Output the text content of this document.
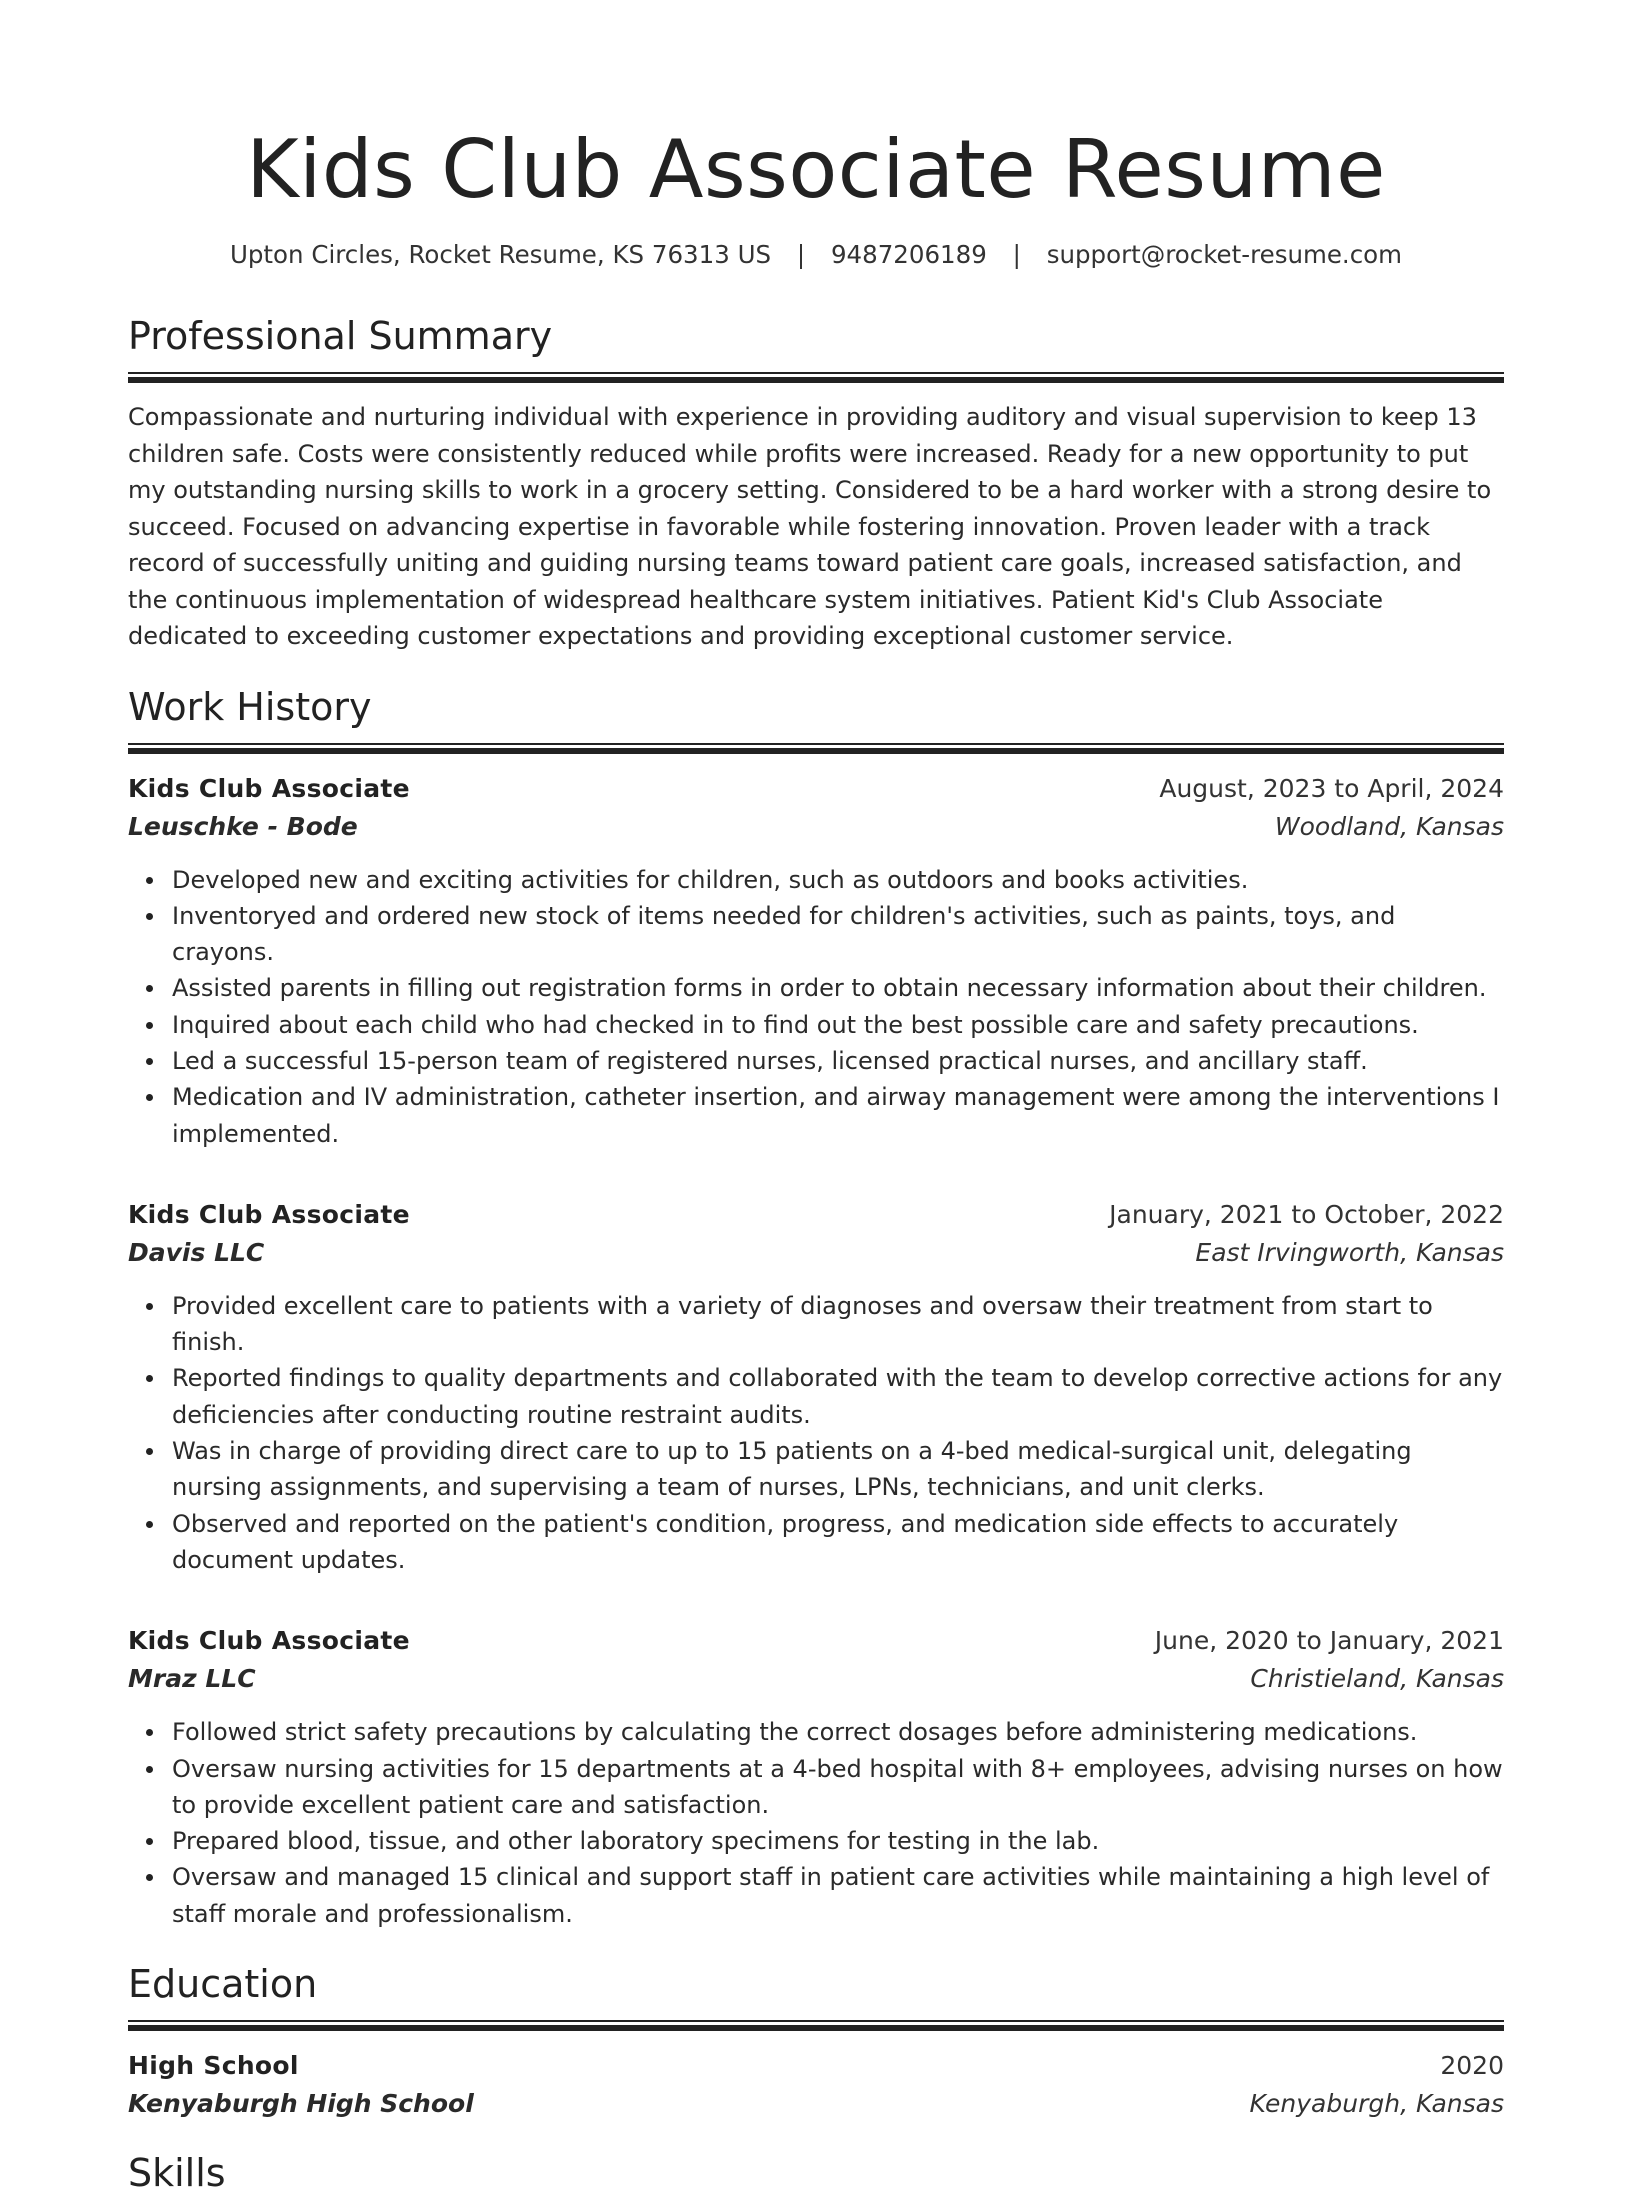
Kids Club Associate Resume
Upton Circles, Rocket Resume, KS 76313 US | 9487206189 | support@rocket-resume.com
Professional Summary

Compassionate and nurturing individual with experience in providing auditory and visual supervision to keep 13 children safe. Costs were consistently reduced while profits were increased. Ready for a new opportunity to put my outstanding nursing skills to work in a grocery setting. Considered to be a hard worker with a strong desire to succeed. Focused on advancing expertise in favorable while fostering innovation. Proven leader with a track record of successfully uniting and guiding nursing teams toward patient care goals, increased satisfaction, and the continuous implementation of widespread healthcare system initiatives. Patient Kid's Club Associate dedicated to exceeding customer expectations and providing exceptional customer service.

Work History
Kids Club Associate	August, 2023 to April, 2024
Leuschke - Bode	Woodland, Kansas
Developed new and exciting activities for children, such as outdoors and books activities.
Inventoryed and ordered new stock of items needed for children's activities, such as paints, toys, and crayons.
Assisted parents in filling out registration forms in order to obtain necessary information about their children.
Inquired about each child who had checked in to find out the best possible care and safety precautions.
Led a successful 15-person team of registered nurses, licensed practical nurses, and ancillary staff.
Medication and IV administration, catheter insertion, and airway management were among the interventions I implemented.
Kids Club Associate	January, 2021 to October, 2022
Davis LLC	East Irvingworth, Kansas
Provided excellent care to patients with a variety of diagnoses and oversaw their treatment from start to finish.
Reported findings to quality departments and collaborated with the team to develop corrective actions for any deficiencies after conducting routine restraint audits.
Was in charge of providing direct care to up to 15 patients on a 4-bed medical-surgical unit, delegating nursing assignments, and supervising a team of nurses, LPNs, technicians, and unit clerks.
Observed and reported on the patient's condition, progress, and medication side effects to accurately document updates.
Kids Club Associate	June, 2020 to January, 2021
Mraz LLC	Christieland, Kansas
Followed strict safety precautions by calculating the correct dosages before administering medications.
Oversaw nursing activities for 15 departments at a 4-bed hospital with 8+ employees, advising nurses on how to provide excellent patient care and satisfaction.
Prepared blood, tissue, and other laboratory specimens for testing in the lab.
Oversaw and managed 15 clinical and support staff in patient care activities while maintaining a high level of staff morale and professionalism.
Education
High School	2020
Kenyaburgh High School	Kenyaburgh, Kansas
Skills
